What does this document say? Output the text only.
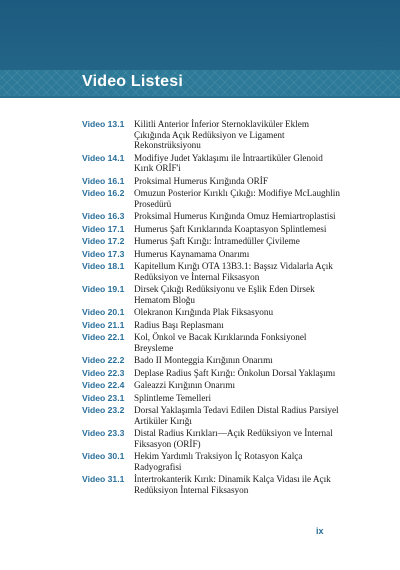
Video Listesi
Video 13.1	Kilitli Anterior İnferior Sternoklaviküler Eklem Çıkığında Açık Redüksiyon ve Ligament Rekonstrüksiyonu
Video 14.1	Modifiye Judet Yaklaşımı ile İntraartiküler Glenoid Kırık ORİF'i
Video 16.1	Proksimal Humerus Kırığında ORİF
Video 16.2	Omuzun Posterior Kırıklı Çıkığı: Modifiye McLaughlin Prosedürü
Video 16.3	Proksimal Humerus Kırığında Omuz Hemiartroplastisi
Video 17.1	Humerus Şaft Kırıklarında Koaptasyon Splintlemesi
Video 17.2	Humerus Şaft Kırığı: İntramedüller Çivileme
Video 17.3	Humerus Kaynamama Onarımı
Video 18.1	Kapitellum Kırığı OTA 13B3.1: Başsız Vidalarla Açık Redüksiyon ve İnternal Fiksasyon
Video 19.1	Dirsek Çıkığı Redüksiyonu ve Eşlik Eden Dirsek Hematom Bloğu
Video 20.1	Olekranon Kırığında Plak Fiksasyonu
Video 21.1	Radius Başı Replasmanı
Video 22.1	Kol, Önkol ve Bacak Kırıklarında Fonksiyonel Breysleme
Video 22.2	Bado II Monteggia Kırığının Onarımı
Video 22.3	Deplase Radius Şaft Kırığı: Önkolun Dorsal Yaklaşımı
Video 22.4	Galeazzi Kırığının Onarımı
Video 23.1	Splintleme Temelleri
Video 23.2	Dorsal Yaklaşımla Tedavi Edilen Distal Radius Parsiyel Artiküler Kırığı
Video 23.3	Distal Radius Kırıkları—Açık Redüksiyon ve İnternal Fiksasyon (ORİF)
Video 30.1	Hekim Yardımlı Traksiyon İç Rotasyon Kalça Radyografisi
Video 31.1	İntertrokanterik Kırık: Dinamik Kalça Vidası ile Açık Redüksiyon İnternal Fiksasyon
ix
